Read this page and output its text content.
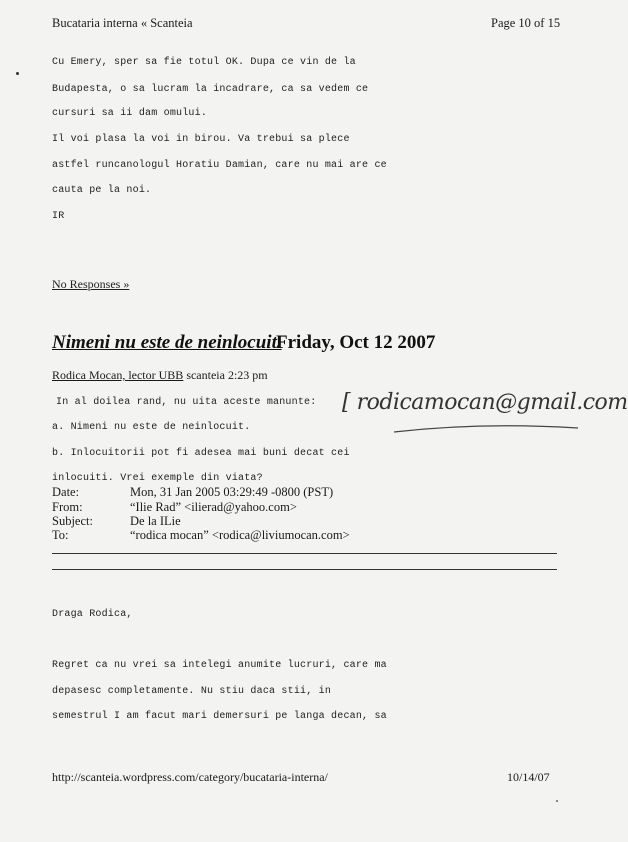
Bucataria interna « Scanteia	Page 10 of 15
Cu Emery, sper sa fie totul OK. Dupa ce vin de la
Budapesta, o sa lucram la incadrare, ca sa vedem ce
cursuri sa ii dam omului.
Il voi plasa la voi in birou. Va trebui sa plece
astfel runcanologul Horatiu Damian, care nu mai are ce
cauta pe la noi.
IR
No Responses »
Nimeni nu este de neinlocuit.
Friday, Oct 12 2007
Rodica Mocan, lector UBB scanteia 2:23 pm
[ rodicamocan@gmail.com
In al doilea rand, nu uita aceste manunte:
a. Nimeni nu este de neinlocuit.
b. Inlocuitorii pot fi adesea mai buni decat cei
inlocuiti. Vrei exemple din viata?
Date:	Mon, 31 Jan 2005 03:29:49 -0800 (PST)
From:	“Ilie Rad” <ilierad@yahoo.com>
Subject:	De la ILie
To:	“rodica mocan” <rodica@liviumocan.com>
Draga Rodica,
Regret ca nu vrei sa intelegi anumite lucruri, care ma
depasesc completamente. Nu stiu daca stii, in
semestrul I am facut mari demersuri pe langa decan, sa
http://scanteia.wordpress.com/category/bucataria-interna/	10/14/07
